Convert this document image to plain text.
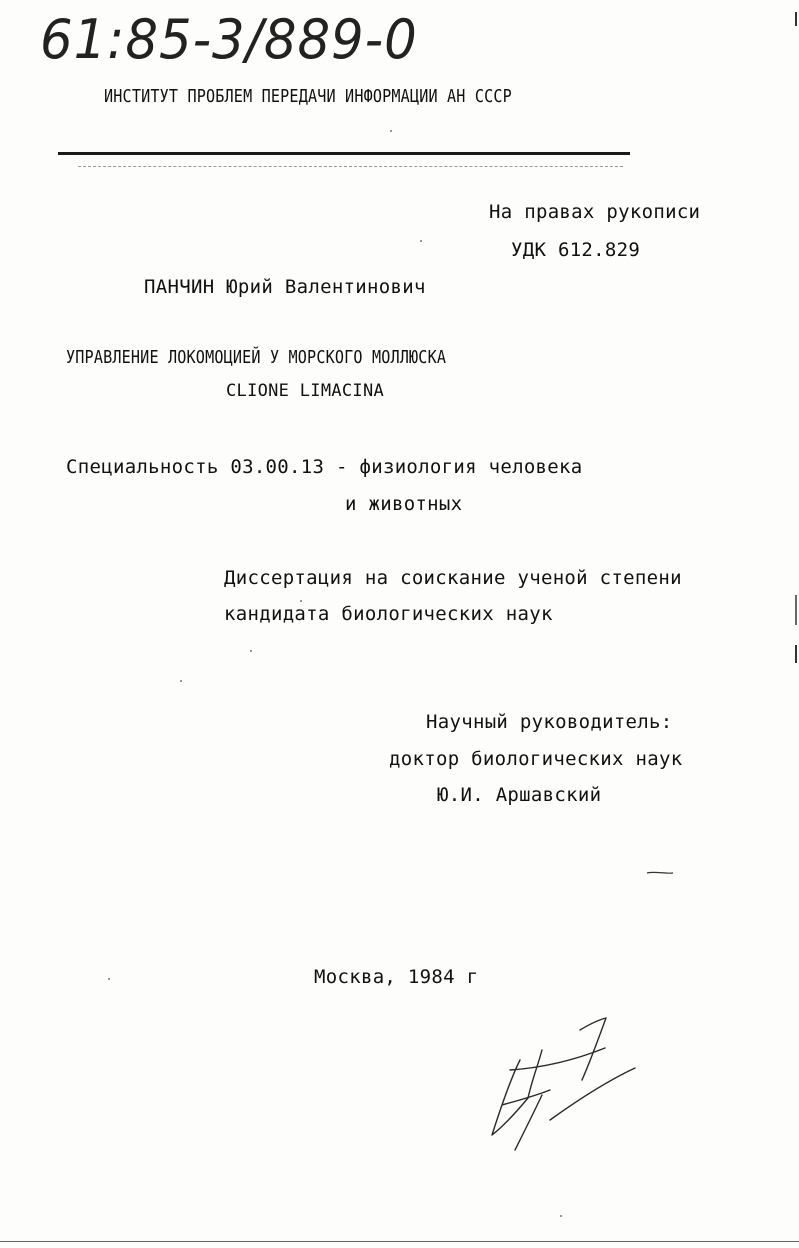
61:85-3/889-0
ИНСТИТУТ ПРОБЛЕМ ПЕРЕДАЧИ ИНФОРМАЦИИ АН СССР
На правах рукописи
УДК 612.829
ПАНЧИН Юрий Валентинович
УПРАВЛЕНИЕ ЛОКОМОЦИЕЙ У МОРСКОГО МОЛЛЮСКА
CLIONE LIMACINA
Специальность 03.00.13 - физиология человека
и животных
Диссертация на соискание ученой степени
кандидата биологических наук
Научный руководитель:
доктор биологических наук
Ю.И. Аршавский
Москва, 1984 г
